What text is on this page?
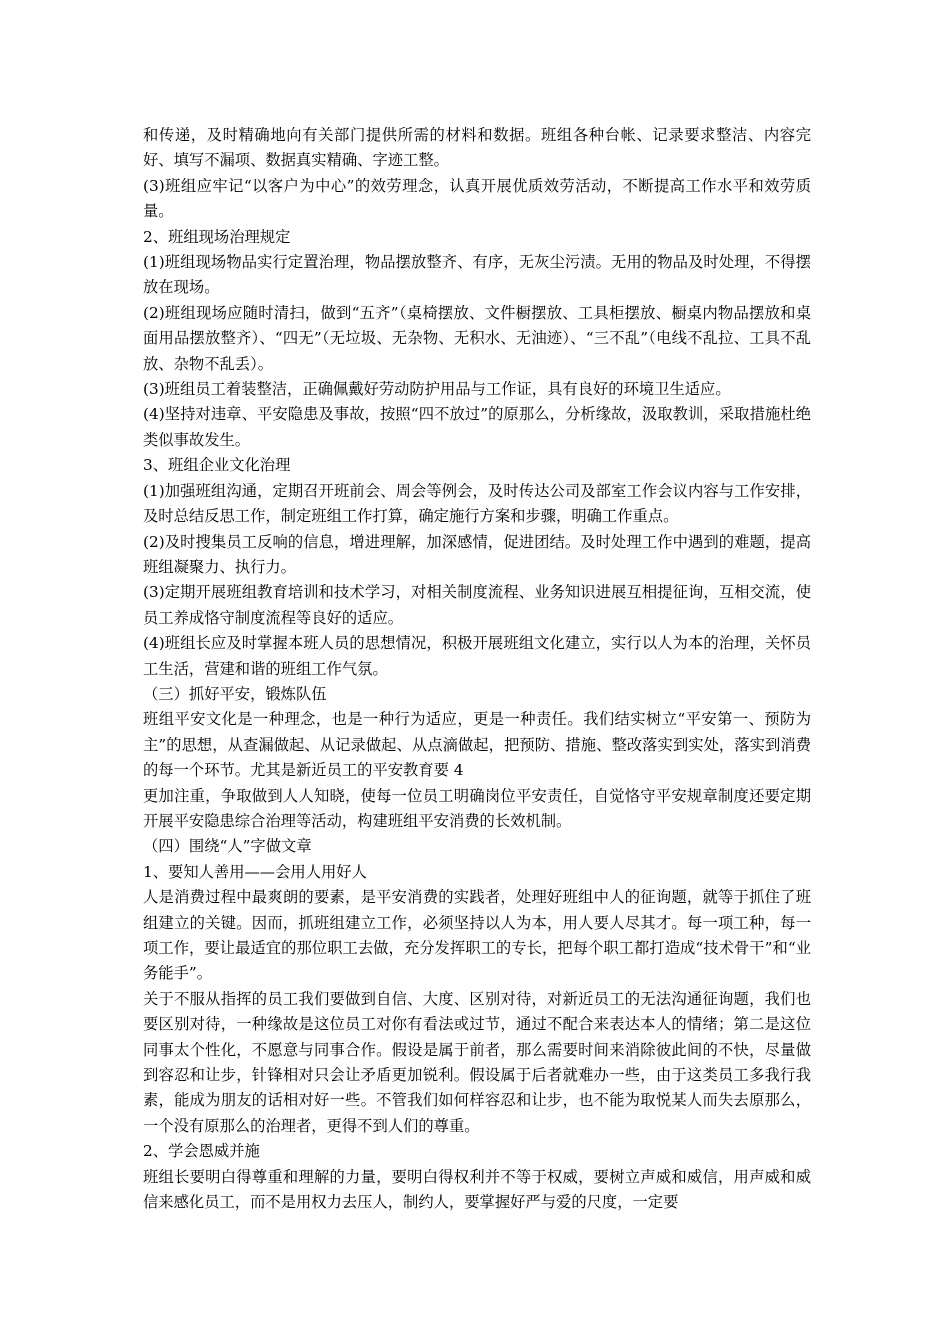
和传递，及时精确地向有关部门提供所需的材料和数据。班组各种台帐、记录要求整洁、内容完好、填写不漏项、数据真实精确、字迹工整。

(3)班组应牢记“以客户为中心”的效劳理念，认真开展优质效劳活动，不断提高工作水平和效劳质量。

2、班组现场治理规定

(1)班组现场物品实行定置治理，物品摆放整齐、有序，无灰尘污渍。无用的物品及时处理，不得摆放在现场。

(2)班组现场应随时清扫，做到“五齐”（桌椅摆放、文件橱摆放、工具柜摆放、橱桌内物品摆放和桌面用品摆放整齐）、“四无”（无垃圾、无杂物、无积水、无油迹）、“三不乱”（电线不乱拉、工具不乱放、杂物不乱丢）。

(3)班组员工着装整洁，正确佩戴好劳动防护用品与工作证，具有良好的环境卫生适应。

(4)坚持对违章、平安隐患及事故，按照“四不放过”的原那么，分析缘故，汲取教训，采取措施杜绝类似事故发生。

3、班组企业文化治理

(1)加强班组沟通，定期召开班前会、周会等例会，及时传达公司及部室工作会议内容与工作安排，及时总结反思工作，制定班组工作打算，确定施行方案和步骤，明确工作重点。

(2)及时搜集员工反响的信息，增进理解，加深感情，促进团结。及时处理工作中遇到的难题，提高班组凝聚力、执行力。

(3)定期开展班组教育培训和技术学习，对相关制度流程、业务知识进展互相提征询，互相交流，使员工养成恪守制度流程等良好的适应。

(4)班组长应及时掌握本班人员的思想情况，积极开展班组文化建立，实行以人为本的治理，关怀员工生活，营建和谐的班组工作气氛。

（三）抓好平安，锻炼队伍

班组平安文化是一种理念，也是一种行为适应，更是一种责任。我们结实树立“平安第一、预防为主”的思想，从查漏做起、从记录做起、从点滴做起，把预防、措施、整改落实到实处，落实到消费的每一个环节。尤其是新近员工的平安教育要 4

更加注重，争取做到人人知晓，使每一位员工明确岗位平安责任，自觉恪守平安规章制度还要定期开展平安隐患综合治理等活动，构建班组平安消费的长效机制。

（四）围绕“人”字做文章

1、要知人善用——会用人用好人

人是消费过程中最爽朗的要素，是平安消费的实践者，处理好班组中人的征询题，就等于抓住了班组建立的关键。因而，抓班组建立工作，必须坚持以人为本，用人要人尽其才。每一项工种，每一项工作，要让最适宜的那位职工去做，充分发挥职工的专长，把每个职工都打造成“技术骨干”和“业务能手”。

关于不服从指挥的员工我们要做到自信、大度、区别对待，对新近员工的无法沟通征询题，我们也要区别对待，一种缘故是这位员工对你有看法或过节，通过不配合来表达本人的情绪；第二是这位同事太个性化，不愿意与同事合作。假设是属于前者，那么需要时间来消除彼此间的不快，尽量做到容忍和让步，针锋相对只会让矛盾更加锐利。假设属于后者就难办一些，由于这类员工多我行我素，能成为朋友的话相对好一些。不管我们如何样容忍和让步，也不能为取悦某人而失去原那么，一个没有原那么的治理者，更得不到人们的尊重。

2、学会恩威并施

班组长要明白得尊重和理解的力量，要明白得权利并不等于权威，要树立声威和威信，用声威和威信来感化员工，而不是用权力去压人，制约人，要掌握好严与爱的尺度，一定要
